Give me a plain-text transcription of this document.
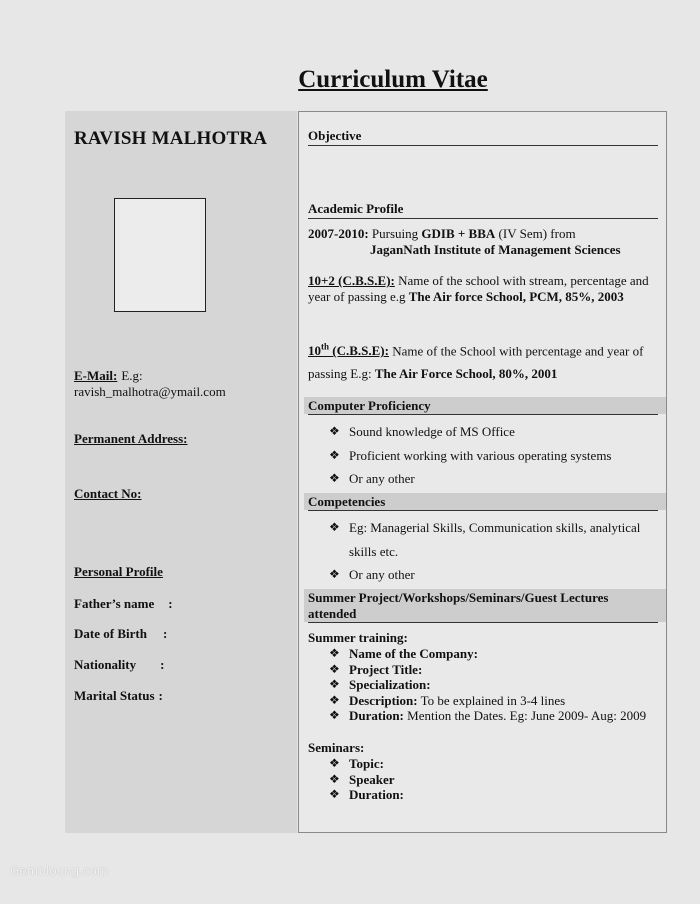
Curriculum Vitae
RAVISH MALHOTRA
E-Mail: E.g:
ravish_malhotra@ymail.com
Permanent Address:
Contact No:
Personal Profile
Father’s name :
Date of Birth :
Nationality :
Marital Status :
Objective
Academic Profile
2007-2010: Pursuing GDIB + BBA (IV Sem) from
JaganNath Institute of Management Sciences
10+2 (C.B.S.E): Name of the school with stream, percentage and year of passing e.g The Air force School, PCM, 85%, 2003
10th (C.B.S.E): Name of the School with percentage and year of passing E.g: The Air Force School, 80%, 2001
Computer Proficiency
❖ Sound knowledge of MS Office
❖ Proficient working with various operating systems
❖ Or any other
Competencies
❖ Eg: Managerial Skills, Communication skills, analytical skills etc.
❖ Or any other
Summer Project/Workshops/Seminars/Guest Lectures attended
Summer training:
❖ Name of the Company:
❖ Project Title:
❖ Specialization:
❖ Description: To be explained in 3-4 lines
❖ Duration: Mention the Dates. Eg: June 2009- Aug: 2009
Seminars:
❖ Topic:
❖ Speaker
❖ Duration:
Gembloong.com
